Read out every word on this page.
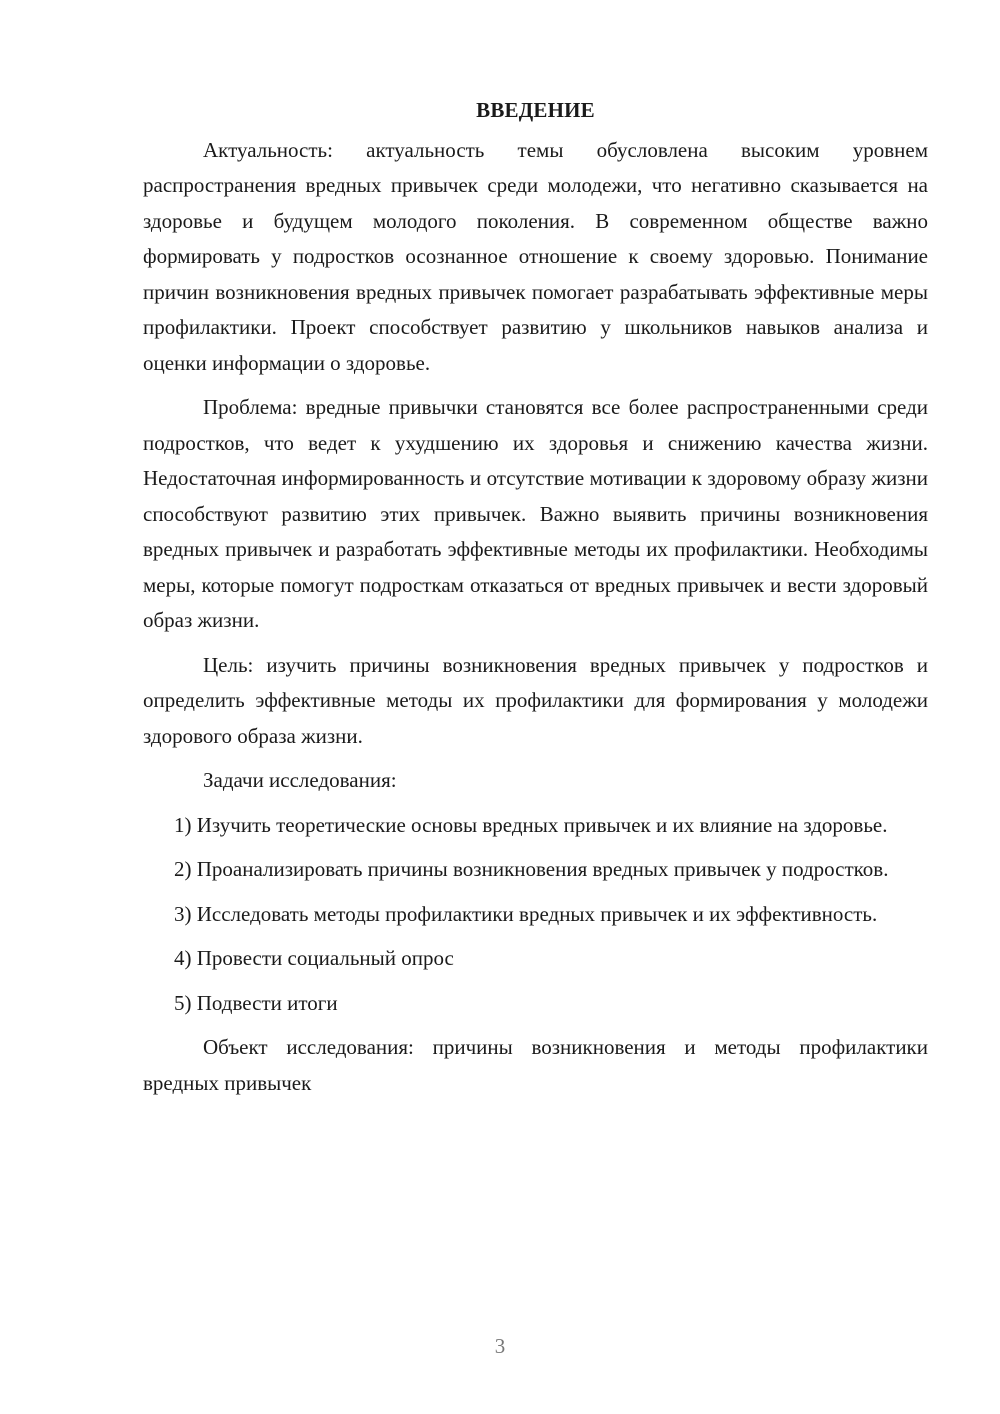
ВВЕДЕНИЕ

Актуальность: актуальность темы обусловлена высоким уровнем распространения вредных привычек среди молодежи, что негативно сказывается на здоровье и будущем молодого поколения. В современном обществе важно формировать у подростков осознанное отношение к своему здоровью. Понимание причин возникновения вредных привычек помогает разрабатывать эффективные меры профилактики. Проект способствует развитию у школьников навыков анализа и оценки информации о здоровье.

Проблема: вредные привычки становятся все более распространенными среди подростков, что ведет к ухудшению их здоровья и снижению качества жизни. Недостаточная информированность и отсутствие мотивации к здоровому образу жизни способствуют развитию этих привычек. Важно выявить причины возникновения вредных привычек и разработать эффективные методы их профилактики. Необходимы меры, которые помогут подросткам отказаться от вредных привычек и вести здоровый образ жизни.

Цель: изучить причины возникновения вредных привычек у подростков и определить эффективные методы их профилактики для формирования у молодежи здорового образа жизни.

Задачи исследования:

1) Изучить теоретические основы вредных привычек и их влияние на здоровье.

2) Проанализировать причины возникновения вредных привычек у подростков.

3) Исследовать методы профилактики вредных привычек и их эффективность.

4) Провести социальный опрос

5) Подвести итоги

Объект исследования: причины возникновения и методы профилактики вредных привычек

3
